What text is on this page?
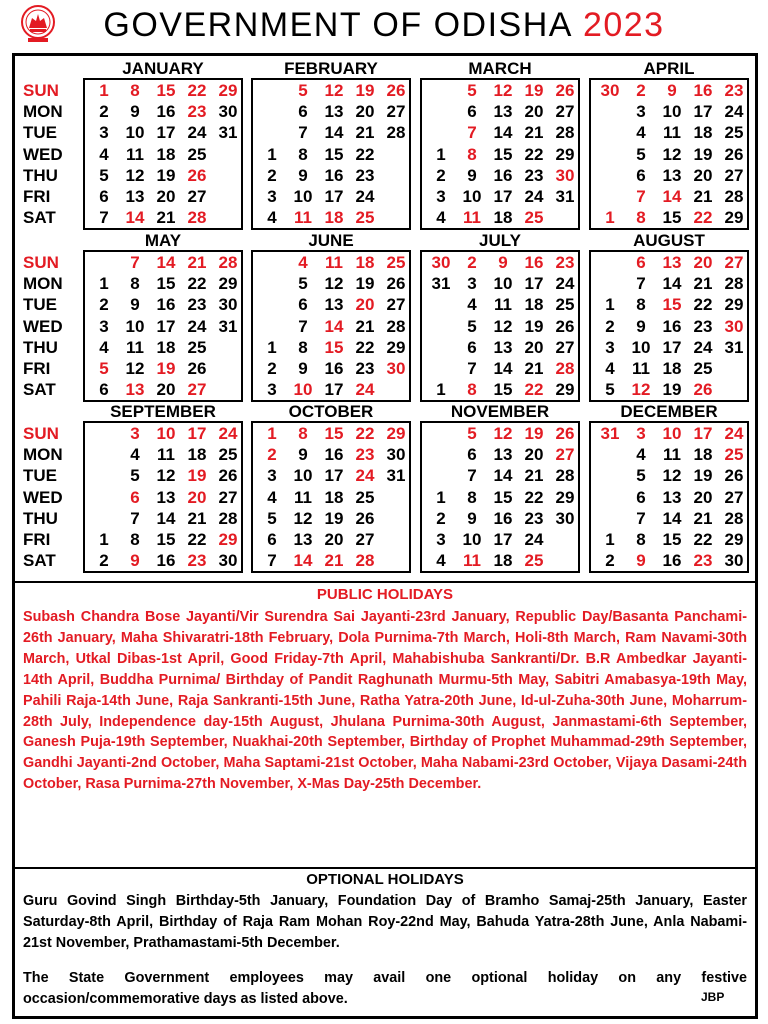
GOVERNMENT OF ODISHA 2023
SUN
MON
TUE
WED
THU
FRI
SAT
JANUARY
1
2
3
4
5
6
7
8
9
10
11
12
13
14
15
16
17
18
19
20
21
22
23
24
25
26
27
28
29
30
31
FEBRUARY
1
2
3
4
5
6
7
8
9
10
11
12
13
14
15
16
17
18
19
20
21
22
23
24
25
26
27
28
MARCH
1
2
3
4
5
6
7
8
9
10
11
12
13
14
15
16
17
18
19
20
21
22
23
24
25
26
27
28
29
30
31
APRIL
30
1
2
3
4
5
6
7
8
9
10
11
12
13
14
15
16
17
18
19
20
21
22
23
24
25
26
27
28
29
SUN
MON
TUE
WED
THU
FRI
SAT
MAY
1
2
3
4
5
6
7
8
9
10
11
12
13
14
15
16
17
18
19
20
21
22
23
24
25
26
27
28
29
30
31
JUNE
1
2
3
4
5
6
7
8
9
10
11
12
13
14
15
16
17
18
19
20
21
22
23
24
25
26
27
28
29
30
JULY
30
31
1
2
3
4
5
6
7
8
9
10
11
12
13
14
15
16
17
18
19
20
21
22
23
24
25
26
27
28
29
AUGUST
1
2
3
4
5
6
7
8
9
10
11
12
13
14
15
16
17
18
19
20
21
22
23
24
25
26
27
28
29
30
31
SUN
MON
TUE
WED
THU
FRI
SAT
SEPTEMBER
1
2
3
4
5
6
7
8
9
10
11
12
13
14
15
16
17
18
19
20
21
22
23
24
25
26
27
28
29
30
OCTOBER
1
2
3
4
5
6
7
8
9
10
11
12
13
14
15
16
17
18
19
20
21
22
23
24
25
26
27
28
29
30
31
NOVEMBER
1
2
3
4
5
6
7
8
9
10
11
12
13
14
15
16
17
18
19
20
21
22
23
24
25
26
27
28
29
30
DECEMBER
31
1
2
3
4
5
6
7
8
9
10
11
12
13
14
15
16
17
18
19
20
21
22
23
24
25
26
27
28
29
30
PUBLIC HOLIDAYS
Subash Chandra Bose Jayanti/Vir Surendra Sai Jayanti-23rd January, Republic Day/Basanta Panchami-26th January, Maha Shivaratri-18th February, Dola Purnima-7th March, Holi-8th March, Ram Navami-30th March, Utkal Dibas-1st April, Good Friday-7th April, Mahabishuba Sankranti/Dr. B.R Ambedkar Jayanti-14th April, Buddha Purnima/ Birthday of Pandit Raghunath Murmu-5th May, Sabitri Amabasya-19th May, Pahili Raja-14th June, Raja Sankranti-15th June, Ratha Yatra-20th June, Id-ul-Zuha-30th June, Moharrum-28th July, Independence day-15th August, Jhulana Purnima-30th August, Janmastami-6th September, Ganesh Puja-19th September, Nuakhai-20th September, Birthday of Prophet Muhammad-29th September, Gandhi Jayanti-2nd October, Maha Saptami-21st October, Maha Nabami-23rd October, Vijaya Dasami-24th October, Rasa Purnima-27th November, X-Mas Day-25th December.
OPTIONAL HOLIDAYS
Guru Govind Singh Birthday-5th January, Foundation Day of Bramho Samaj-25th January, Easter Saturday-8th April, Birthday of Raja Ram Mohan Roy-22nd May, Bahuda Yatra-28th June, Anla Nabami-21st November, Prathamastami-5th December.
The State Government employees may avail one optional holiday on any festive occasion/commemorative days as listed above.	JBP
